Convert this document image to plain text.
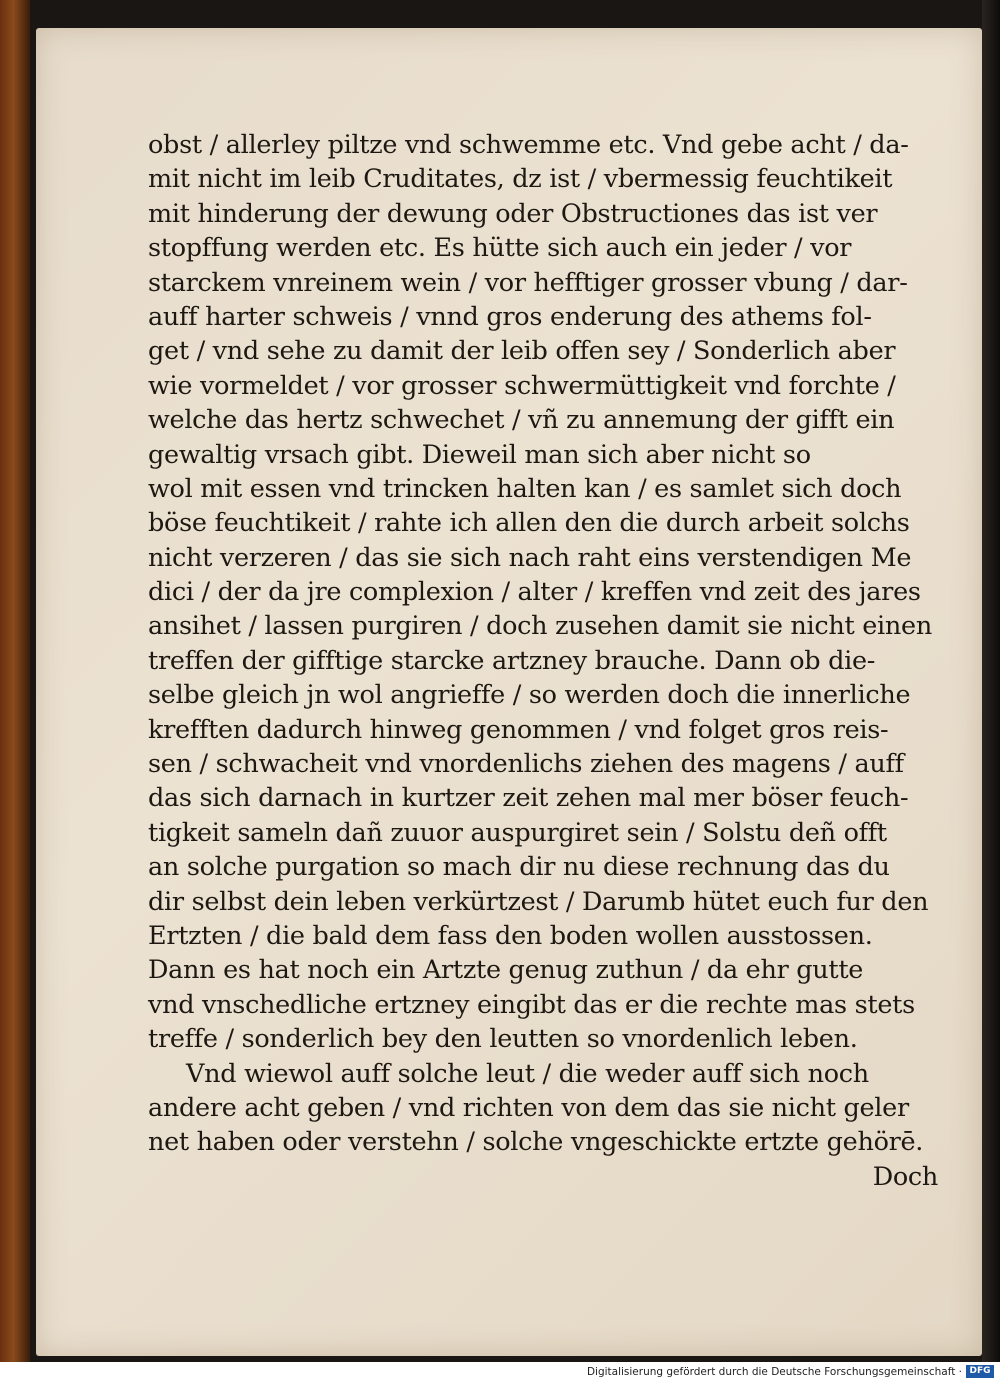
obst / allerley piltze vnd schwemme etc. Vnd gebe acht / da-
mit nicht im leib Cruditates, dz ist / vbermessig feuchtikeit
mit hinderung der dewung oder Obstructiones das ist ver
stopffung werden etc. Es hütte sich auch ein jeder / vor
starckem vnreinem wein / vor hefftiger grosser vbung / dar-
auff harter schweis / vnnd gros enderung des athems fol-
get / vnd sehe zu damit der leib offen sey / Sonderlich aber
wie vormeldet / vor grosser schwermüttigkeit vnd forchte /
welche das hertz schwechet / vñ zu annemung der gifft ein
gewaltig vrsach gibt. Dieweil man sich aber nicht so
wol mit essen vnd trincken halten kan / es samlet sich doch
böse feuchtikeit / rahte ich allen den die durch arbeit solchs
nicht verzeren / das sie sich nach raht eins verstendigen Me
dici / der da jre complexion / alter / kreffen vnd zeit des jares
ansihet / lassen purgiren / doch zusehen damit sie nicht einen
treffen der gifftige starcke artzney brauche. Dann ob die-
selbe gleich jn wol angrieffe / so werden doch die innerliche
krefften dadurch hinweg genommen / vnd folget gros reis-
sen / schwacheit vnd vnordenlichs ziehen des magens / auff
das sich darnach in kurtzer zeit zehen mal mer böser feuch-
tigkeit sameln dañ zuuor auspurgiret sein / Solstu deñ offt
an solche purgation so mach dir nu diese rechnung das du
dir selbst dein leben verkürtzest / Darumb hütet euch fur den
Ertzten / die bald dem fass den boden wollen ausstossen.
Dann es hat noch ein Artzte genug zuthun / da ehr gutte
vnd vnschedliche ertzney eingibt das er die rechte mas stets
treffe / sonderlich bey den leutten so vnordenlich leben.
Vnd wiewol auff solche leut / die weder auff sich noch
andere acht geben / vnd richten von dem das sie nicht geler
net haben oder verstehn / solche vngeschickte ertzte gehörē.
Doch
Digitalisierung gefördert durch die Deutsche Forschungsgemeinschaft · DFG
